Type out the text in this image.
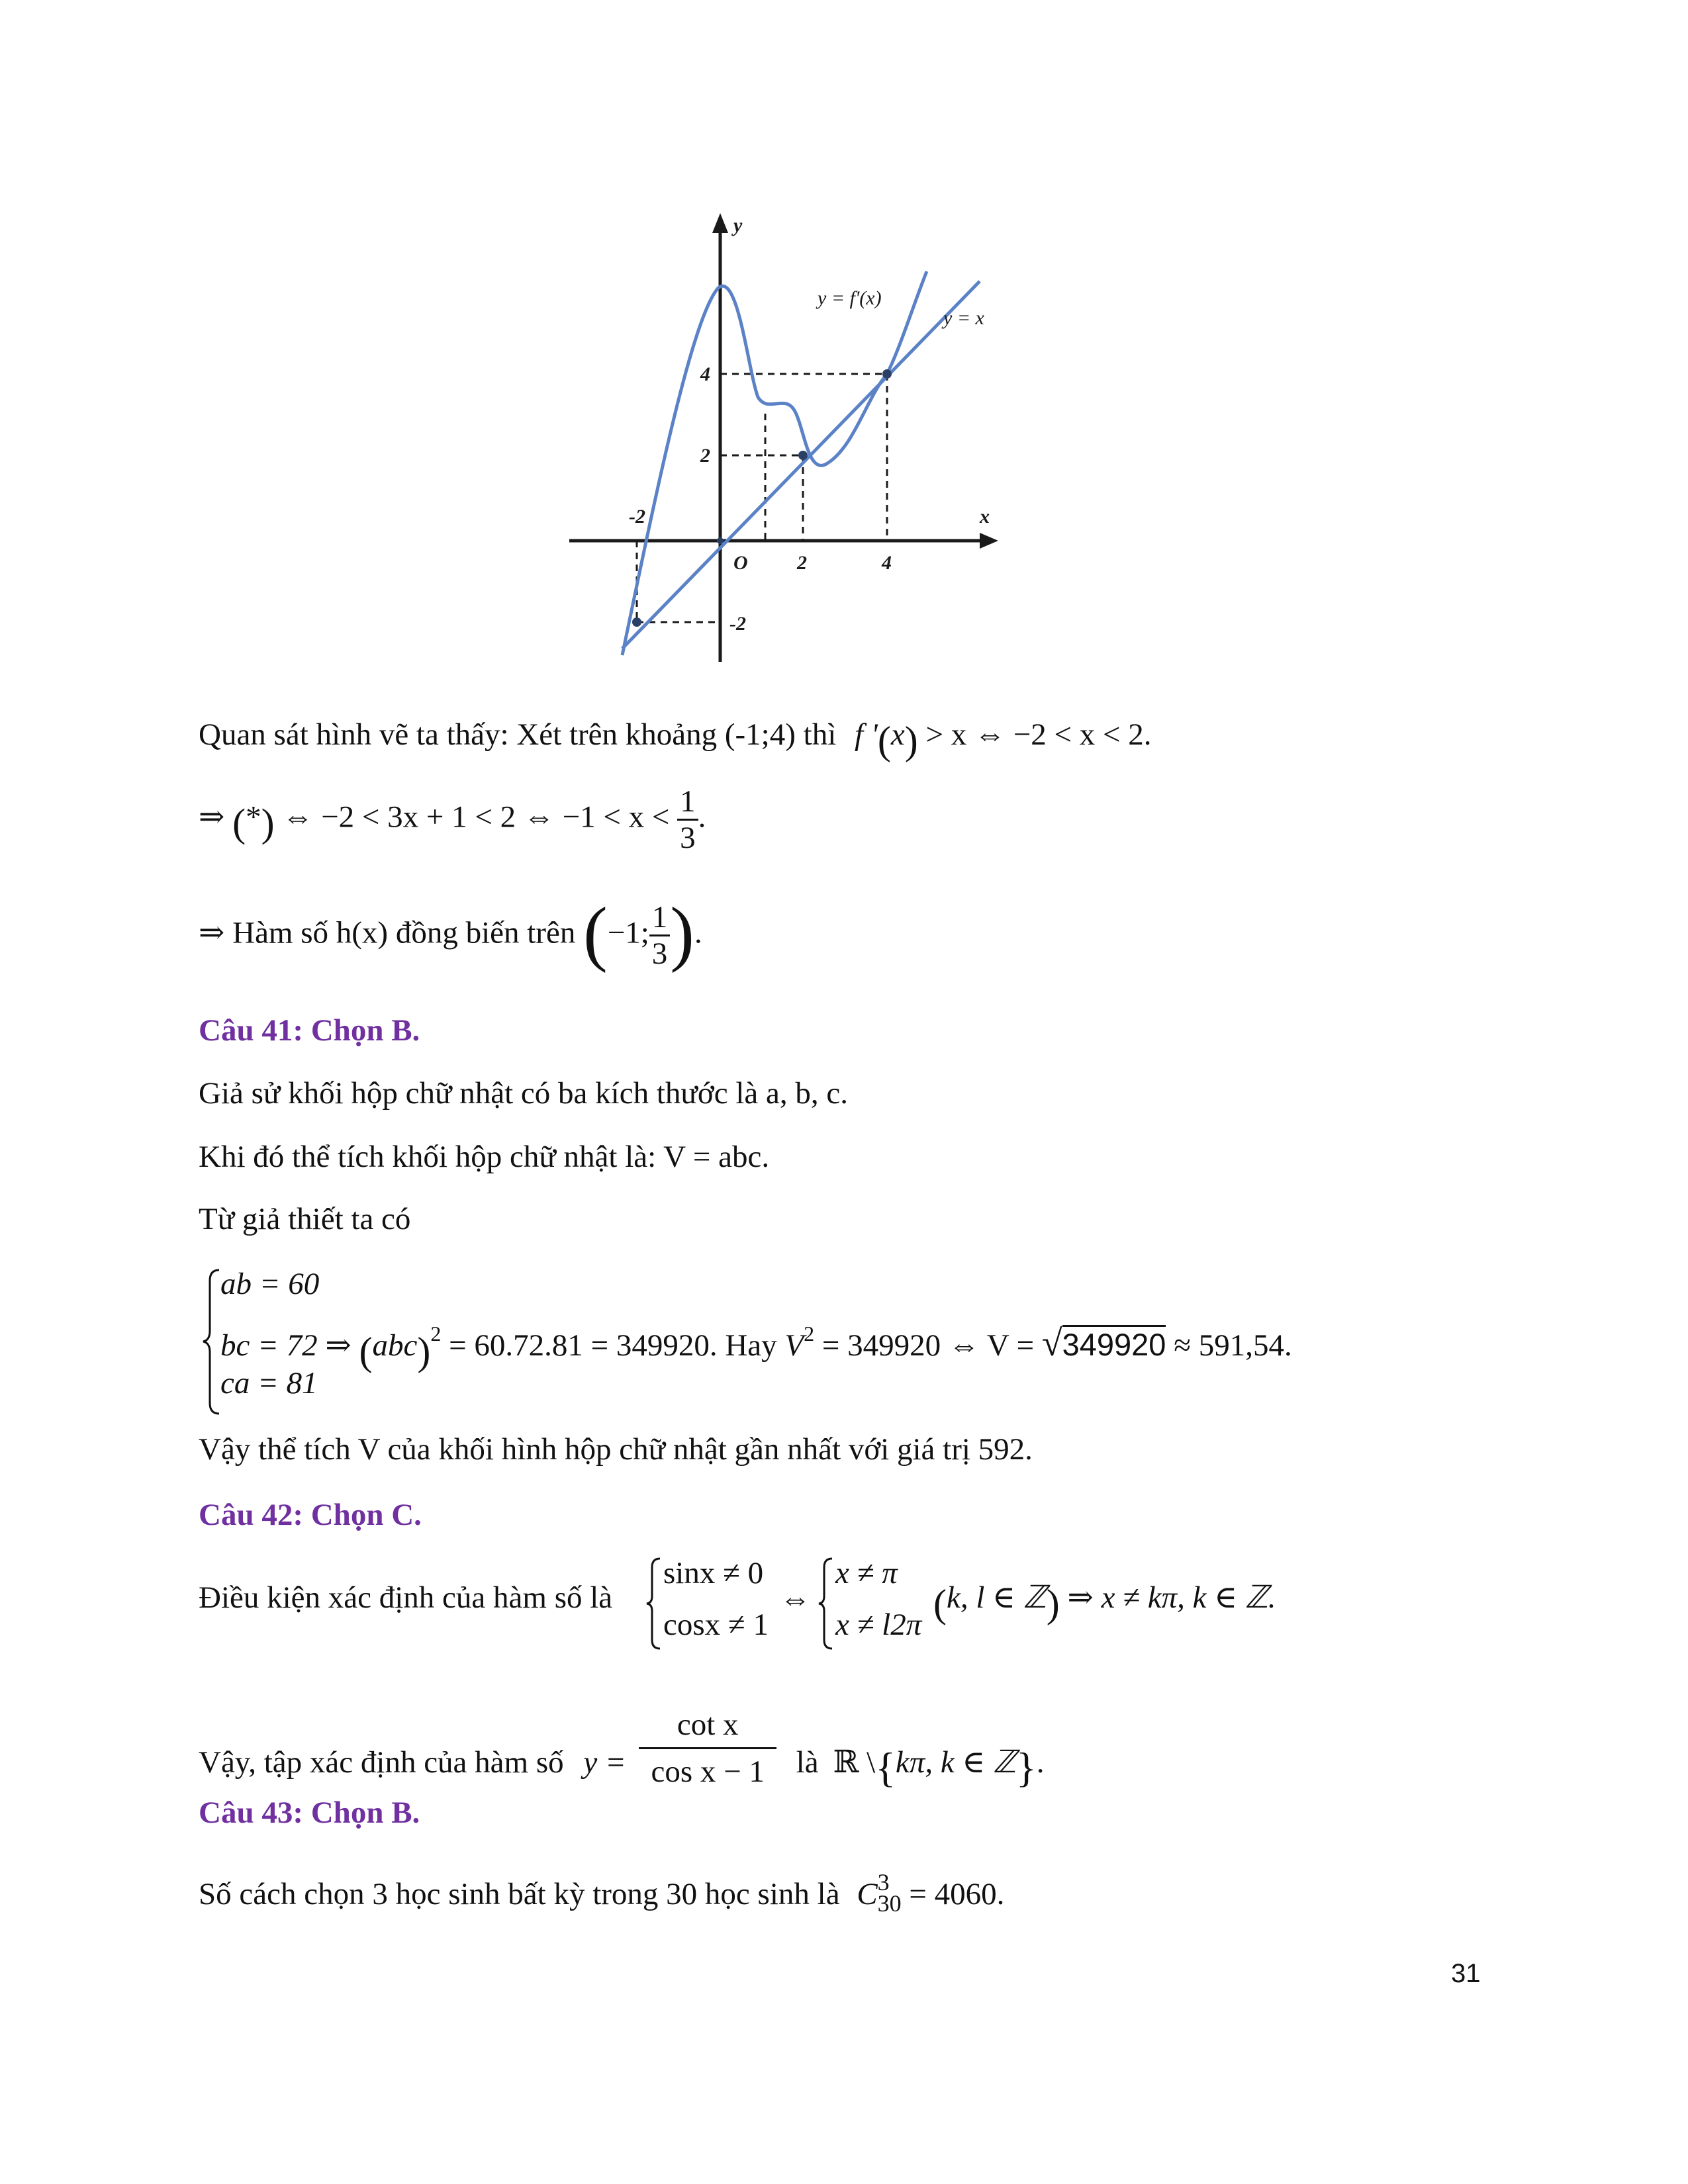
y
x
O
y = f'(x)
y = x
4
2
-2
-2
2	4
Quan sát hình vẽ ta thấy: Xét trên khoảng (-1;4) thì f '(x) > x ⇔ −2 < x < 2.
⇒ (*) ⇔ −2 < 3x + 1 < 2 ⇔ $-1 < x < \frac{1}{3}$ .
⇒ Hàm số h(x) đồng biến trên (−1; $\frac{1}{3}$ ).
Câu 41: Chọn B.
Giả sử khối hộp chữ nhật có ba kích thước là a, b, c.
Khi đó thể tích khối hộp chữ nhật là: V = abc.
Từ giả thiết ta có
ab = 60
bc = 72 ⇒ (abc)$^2$ = 60.72.81 = 349920. Hay $V^2 = 349920$ ⇔ V = √349920 ≈ 591,54.
ca = 81
Vậy thể tích V của khối hình hộp chữ nhật gần nhất với giá trị 592.
Câu 42: Chọn C.
Điều kiện xác định của hàm số là
sinx ≠ 0
cosx ≠ 1
⇔
x ≠ π
x ≠ l2π (k, l ∈ ℤ) ⇒ x ≠ kπ, k ∈ ℤ.
Vậy, tập xác định của hàm số $y = \frac{\text{cot x}}{\text{cos x − 1}}$ là ℝ \{kπ, k ∈ ℤ}.
Câu 43: Chọn B.
Số cách chọn 3 học sinh bất kỳ trong 30 học sinh là C 3
30 = 4060.
31
